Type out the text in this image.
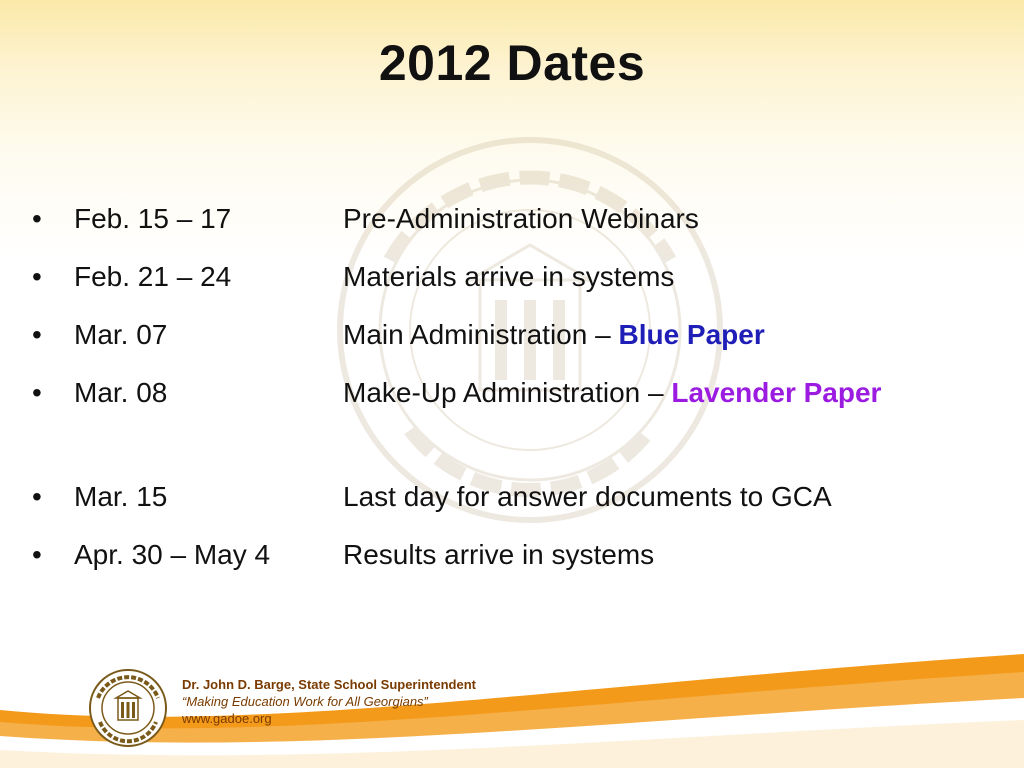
2012 Dates
•	Feb. 15 – 17	Pre-Administration Webinars
•	Feb. 21 – 24	Materials arrive in systems
•	Mar. 07	Main Administration – Blue Paper
•	Mar. 08	Make-Up Administration – Lavender Paper
•	Mar. 15	Last day for answer documents to GCA
•	Apr. 30 – May 4	Results arrive in systems
Dr. John D. Barge, State School Superintendent
“Making Education Work for All Georgians”
www.gadoe.org
